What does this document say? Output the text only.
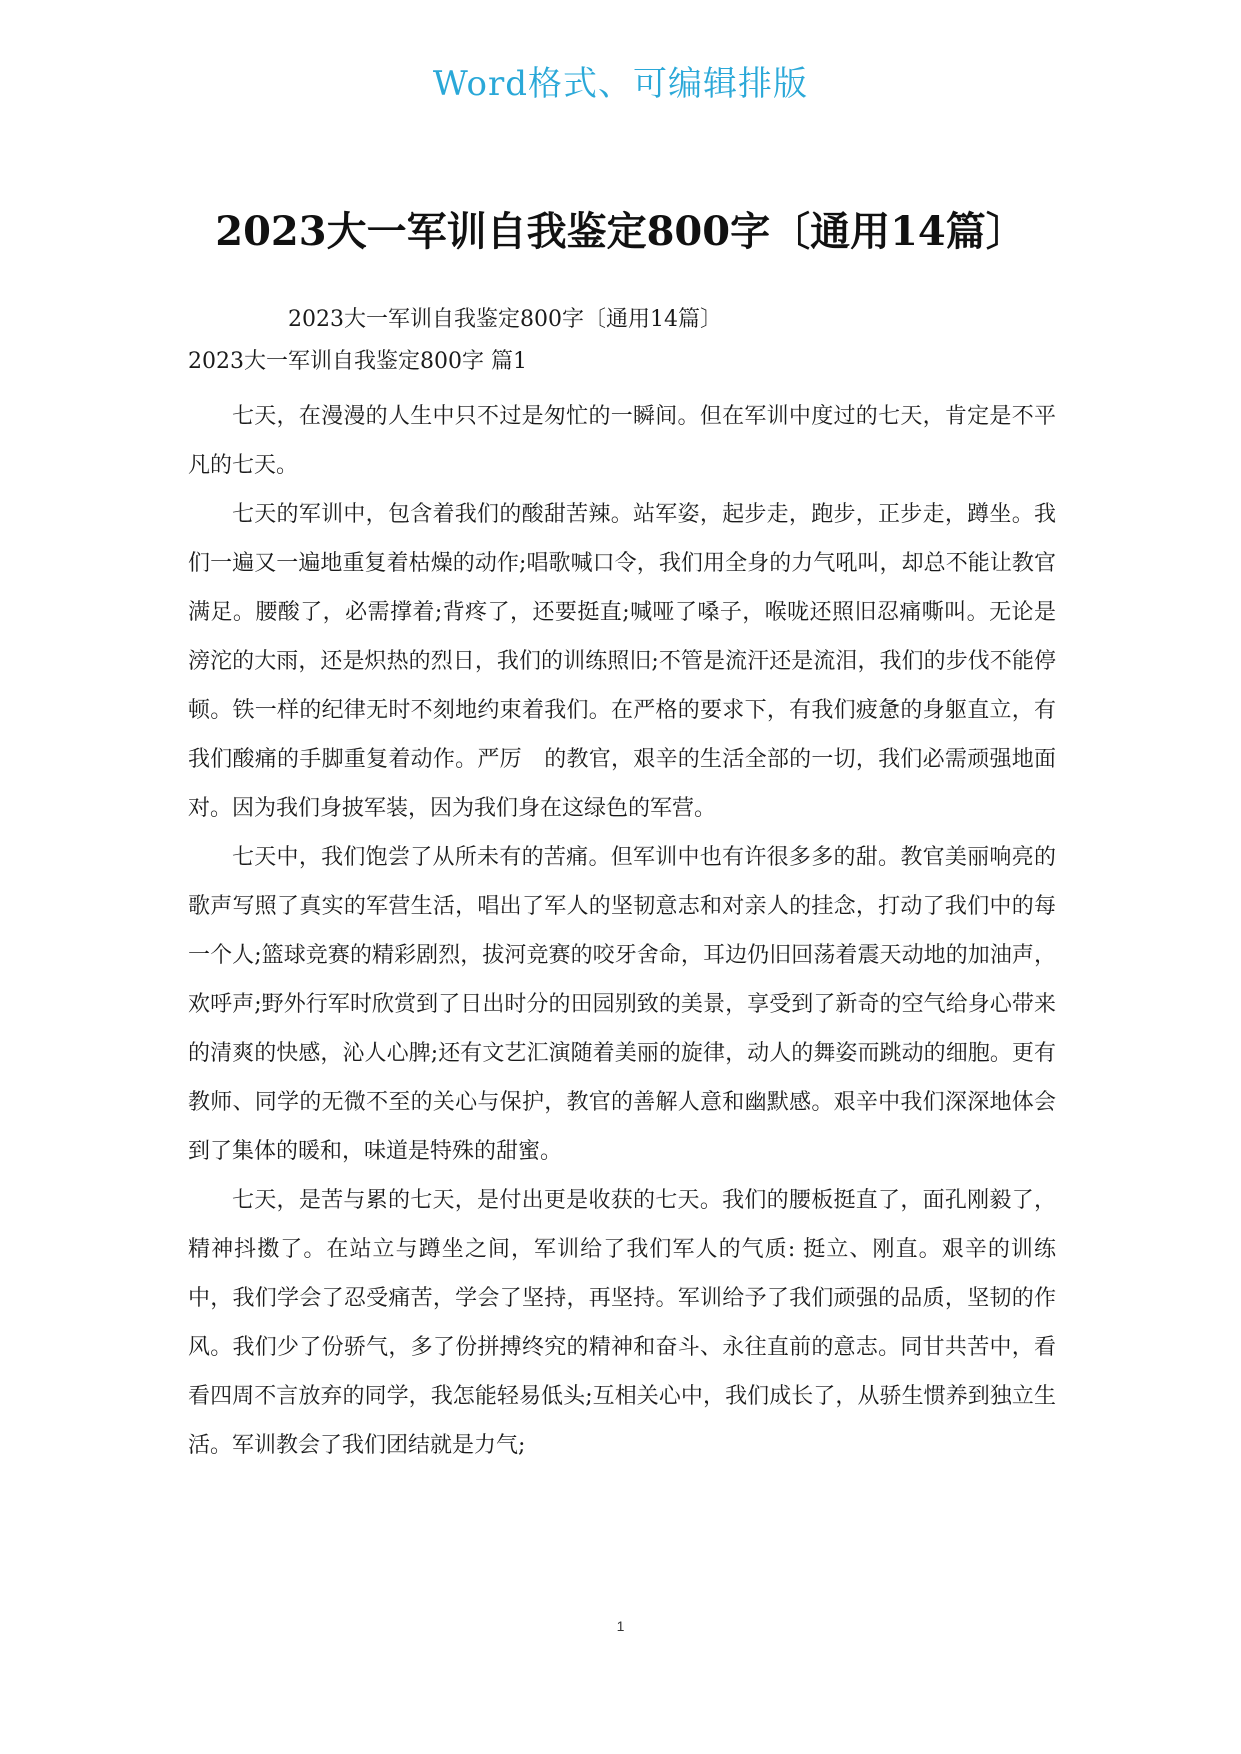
Word格式、可编辑排版
2023大一军训自我鉴定800字〔通用14篇〕

2023大一军训自我鉴定800字〔通用14篇〕

2023大一军训自我鉴定800字 篇1

七天，在漫漫的人生中只不过是匆忙的一瞬间。但在军训中度过的七天，肯定是不平凡的七天。

七天的军训中，包含着我们的酸甜苦辣。站军姿，起步走，跑步，正步走，蹲坐。我们一遍又一遍地重复着枯燥的动作;唱歌喊口令，我们用全身的力气吼叫，却总不能让教官满足。腰酸了，必需撑着;背疼了，还要挺直;喊哑了嗓子，喉咙还照旧忍痛嘶叫。无论是滂沱的大雨，还是炽热的烈日，我们的训练照旧;不管是流汗还是流泪，我们的步伐不能停顿。铁一样的纪律无时不刻地约束着我们。在严格的要求下，有我们疲惫的身躯直立，有我们酸痛的手脚重复着动作。严厉　的教官，艰辛的生活全部的一切，我们必需顽强地面对。因为我们身披军装，因为我们身在这绿色的军营。

七天中，我们饱尝了从所未有的苦痛。但军训中也有许很多多的甜。教官美丽响亮的歌声写照了真实的军营生活，唱出了军人的坚韧意志和对亲人的挂念，打动了我们中的每一个人;篮球竞赛的精彩剧烈，拔河竞赛的咬牙舍命，耳边仍旧回荡着震天动地的加油声，欢呼声;野外行军时欣赏到了日出时分的田园别致的美景，享受到了新奇的空气给身心带来的清爽的快感，沁人心脾;还有文艺汇演随着美丽的旋律，动人的舞姿而跳动的细胞。更有教师、同学的无微不至的关心与保护，教官的善解人意和幽默感。艰辛中我们深深地体会到了集体的暖和，味道是特殊的甜蜜。

七天，是苦与累的七天，是付出更是收获的七天。我们的腰板挺直了，面孔刚毅了，精神抖擞了。在站立与蹲坐之间，军训给了我们军人的气质: 挺立、刚直。艰辛的训练中，我们学会了忍受痛苦，学会了坚持，再坚持。军训给予了我们顽强的品质，坚韧的作风。我们少了份骄气，多了份拼搏终究的精神和奋斗、永往直前的意志。同甘共苦中，看看四周不言放弃的同学，我怎能轻易低头;互相关心中，我们成长了，从骄生惯养到独立生活。军训教会了我们团结就是力气;

1
